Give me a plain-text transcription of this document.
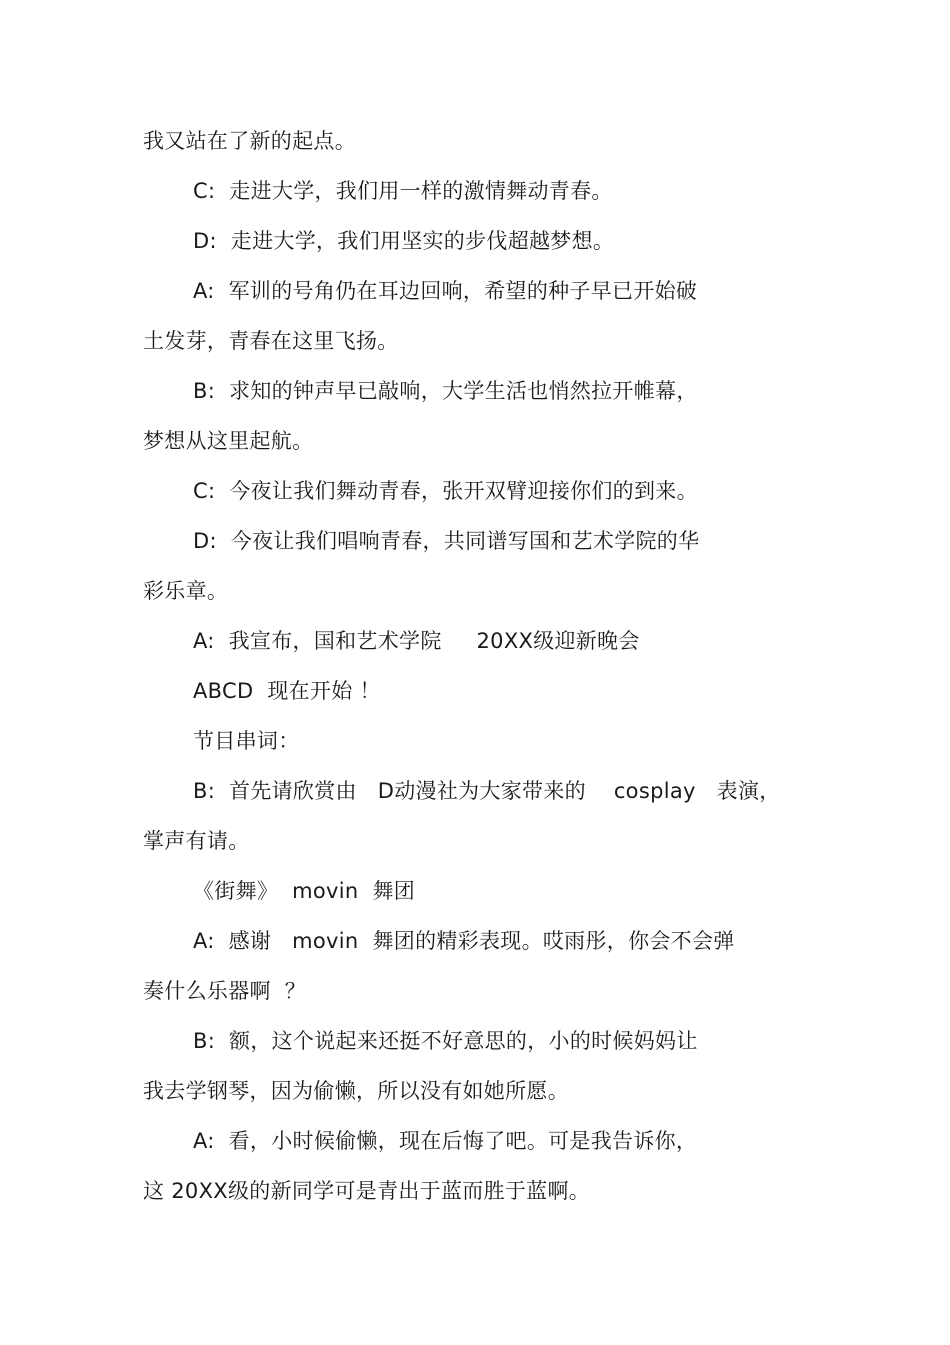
我又站在了新的起点。
C:  走进大学，我们用一样的激情舞动青春。
D:  走进大学，我们用坚实的步伐超越梦想。
A:  军训的号角仍在耳边回响，希望的种子早已开始破
土发芽，青春在这里飞扬。
B:  求知的钟声早已敲响，大学生活也悄然拉开帷幕，
梦想从这里起航。
C:  今夜让我们舞动青春，张开双臂迎接你们的到来。
D:  今夜让我们唱响青春，共同谱写国和艺术学院的华
彩乐章。
A:  我宣布，国和艺术学院     20XX级迎新晚会
ABCD  现在开始 ！
节目串词：
B:  首先请欣赏由   D动漫社为大家带来的    cosplay   表演，
掌声有请。
《街舞》  movin  舞团
A:  感谢   movin  舞团的精彩表现。哎雨彤，你会不会弹
奏什么乐器啊  ？
B:  额，这个说起来还挺不好意思的，小的时候妈妈让
我去学钢琴，因为偷懒，所以没有如她所愿。
A:  看，小时候偷懒，现在后悔了吧。可是我告诉你，
这 20XX级的新同学可是青出于蓝而胜于蓝啊。
